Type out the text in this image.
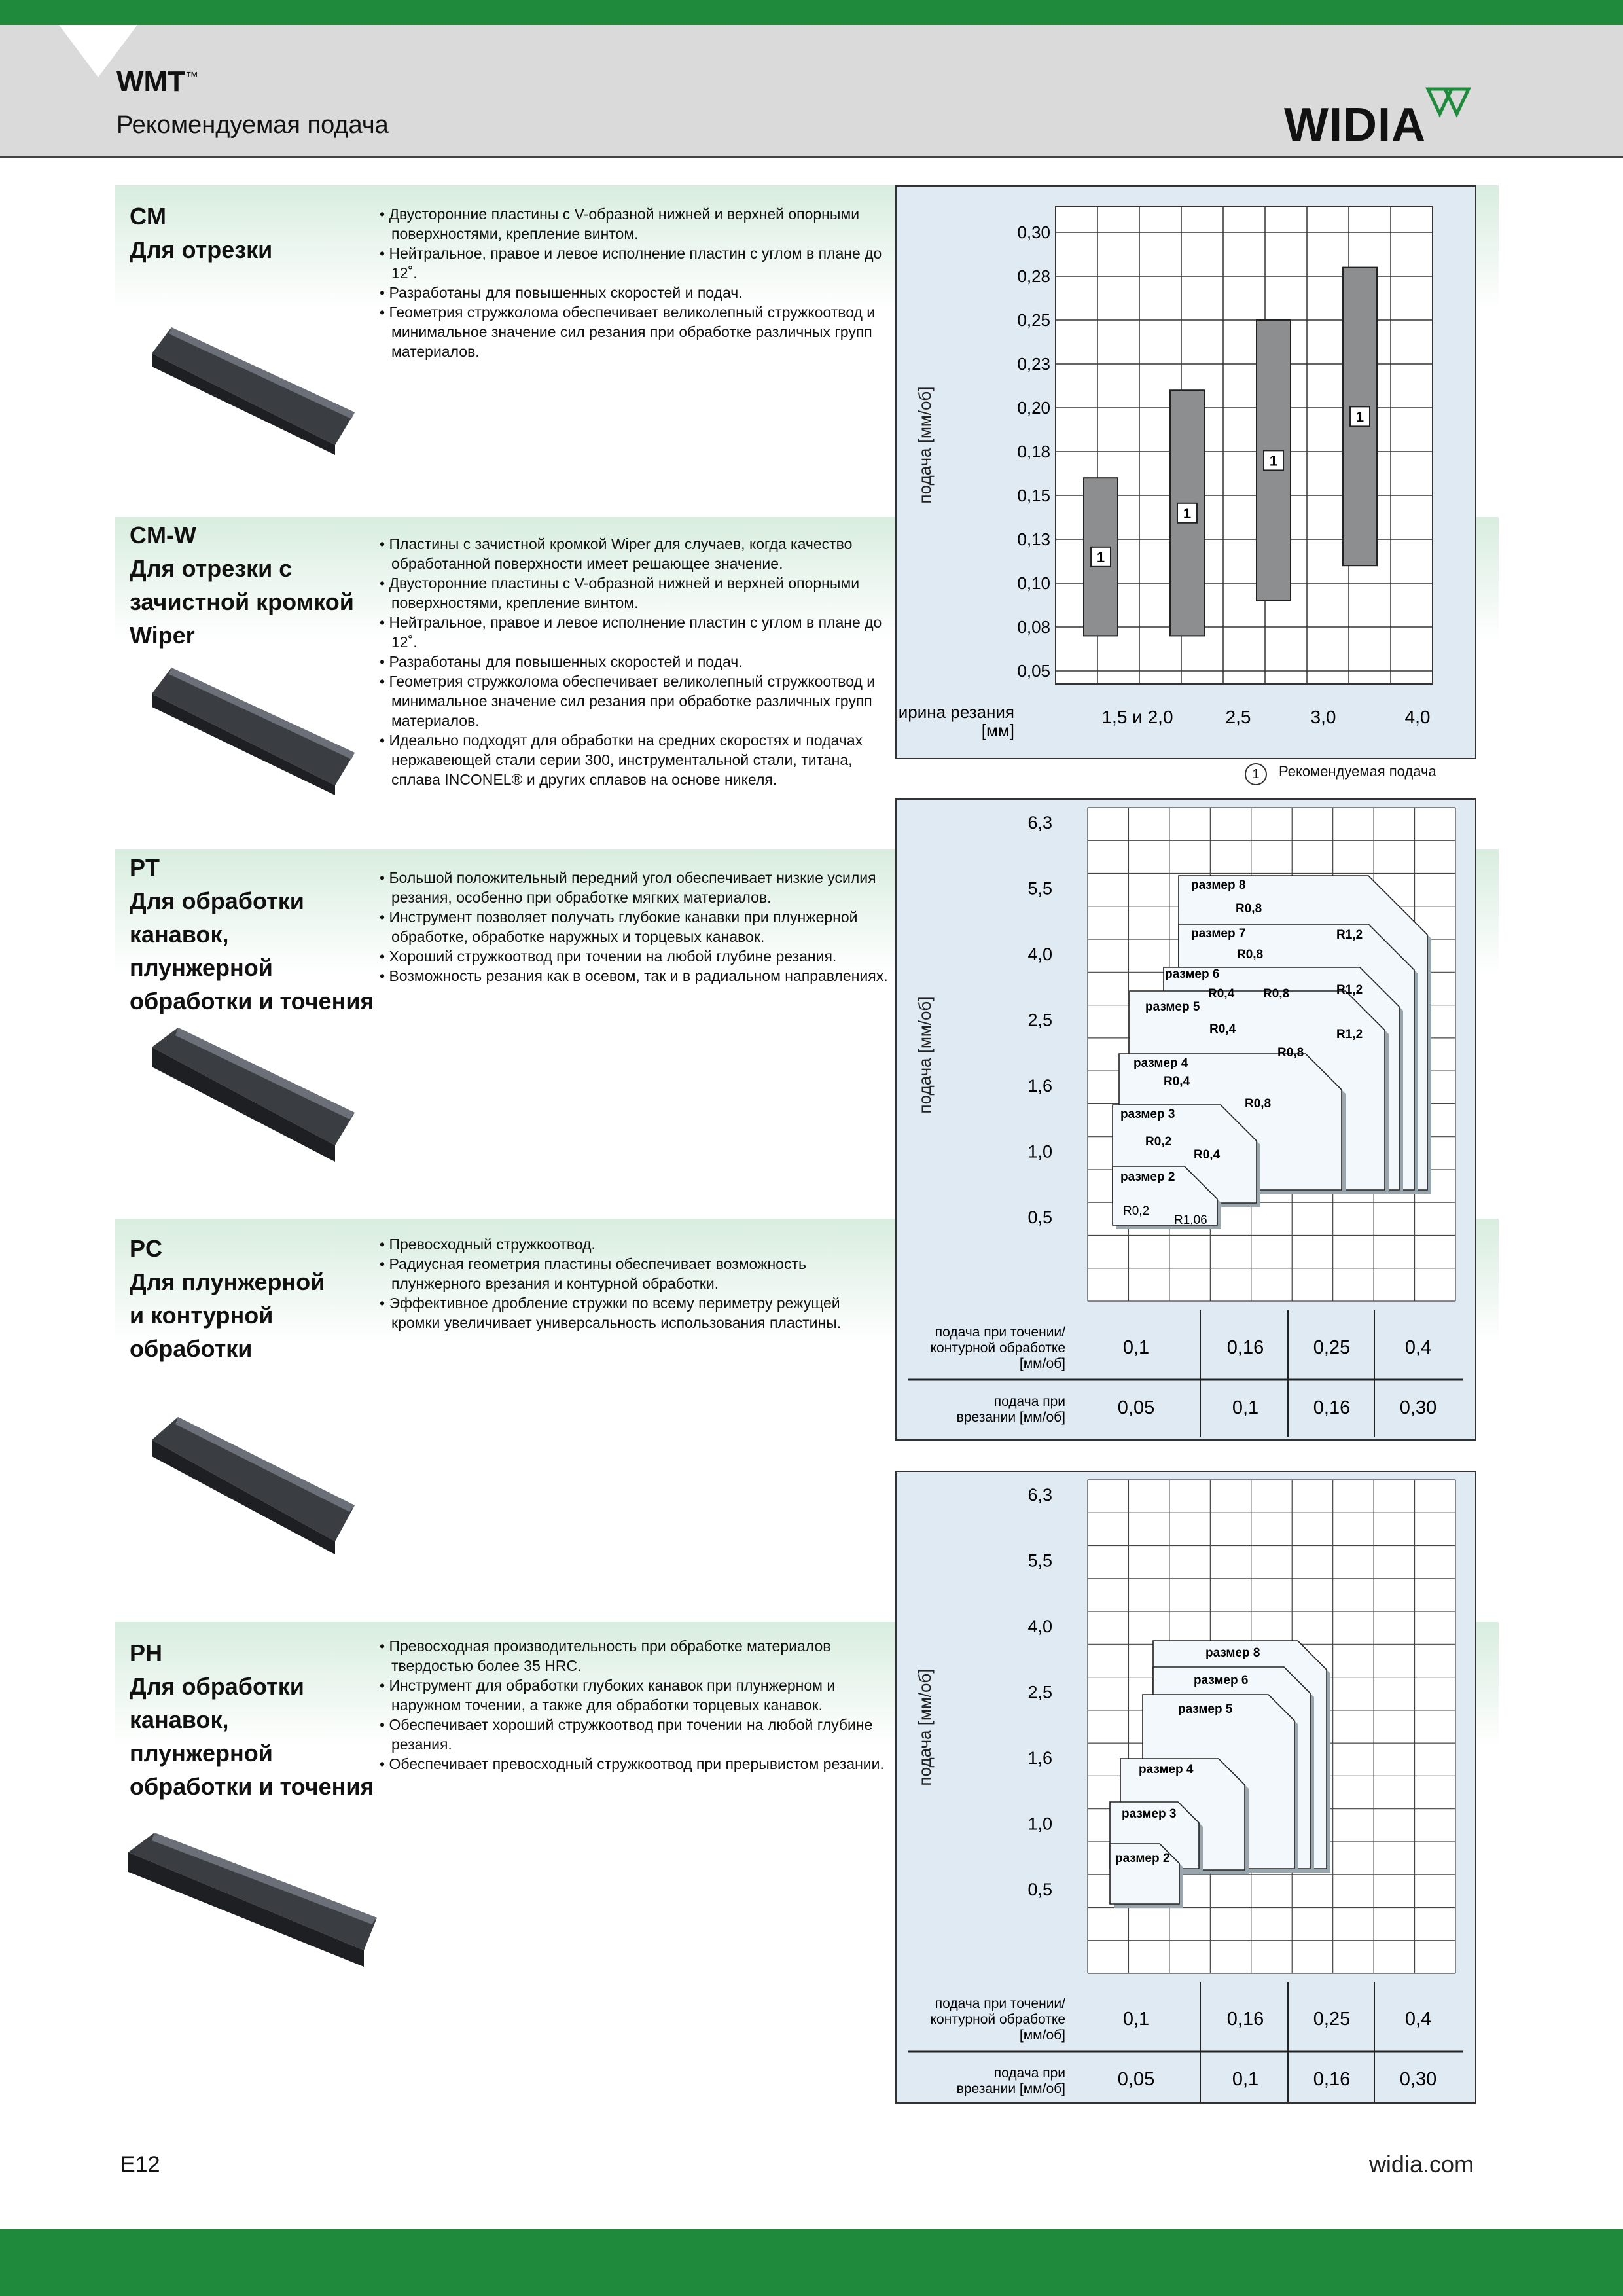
WMT™
Рекомендуемая подача	WIDIA
CM
Для отрезки
• Двусторонние пластины с V-образной нижней и верхней опорными поверхностями, крепление винтом.
• Нейтральное, правое и левое исполнение пластин с углом в плане до 12˚.
• Разработаны для повышенных скоростей и подач.
• Геометрия стружколома обеспечивает великолепный стружкоотвод и минимальное значение сил резания при обработке различных групп материалов.
CM-W
Для отрезки с
зачистной кромкой
Wiper
• Пластины с зачистной кромкой Wiper для случаев, когда качество обработанной поверхности имеет решающее значение.
• Двусторонние пластины с V-образной нижней и верхней опорными поверхностями, крепление винтом.
• Нейтральное, правое и левое исполнение пластин с углом в плане до 12˚.
• Разработаны для повышенных скоростей и подач.
• Геометрия стружколома обеспечивает великолепный стружкоотвод и минимальное значение сил резания при обработке различных групп материалов.
• Идеально подходят для обработки на средних скоростях и подачах нержавеющей стали серии 300, инструментальной стали, титана, сплава INCONEL® и других сплавов на основе никеля.
PT
Для обработки
канавок,
плунжерной
обработки и точения
• Большой положительный передний угол обеспечивает низкие усилия резания, особенно при обработке мягких материалов.
• Инструмент позволяет получать глубокие канавки при плунжерной обработке, обработке наружных и торцевых канавок.
• Хороший стружкоотвод при точении на любой глубине резания.
• Возможность резания как в осевом, так и в радиальном направлениях.
PC
Для плунжерной
и контурной
обработки
• Превосходный стружкоотвод.
• Радиусная геометрия пластины обеспечивает возможность плунжерного врезания и контурной обработки.
• Эффективное дробление стружки по всему периметру режущей кромки увеличивает универсальность использования пластины.
PH
Для обработки
канавок,
плунжерной
обработки и точения
• Превосходная производительность при обработке материалов твердостью более 35 HRC.
• Инструмент для обработки глубоких канавок при плунжерном и наружном точении, а также для обработки торцевых канавок.
• Обеспечивает хороший стружкоотвод при точении на любой глубине резания.
• Обеспечивает превосходный стружкоотвод при прерывистом резании.
0,30
0,28
0,25
0,23
0,20
0,18
0,15
0,13
0,10
0,08
0,05
1
1
1
1
1,5 и 2,0	2,5	3,0	4,0
подача [мм/об]
ширина резания
[мм]
1	Рекомендуемая подача
6,3
5,5
4,0
2,5
1,6
1,0
0,5
подача [мм/об]
размер 8
R0,8
R1,2
размер 7
R0,8
R1,2
размер 6
R0,4 R0,8
R1,2
размер 5
R0,4
R0,8
размер 4
R0,4
R0,8
размер 3
R0,2
R0,4
размер 2
R0,2
R1,06
подача при точении/
контурной обработке
[мм/об]
подача при
врезании [мм/об]
0,1	0,16	0,25	0,4
0,05	0,1	0,16	0,30
6,3
5,5
4,0
2,5
1,6
1,0
0,5
подача [мм/об]
размер 8
размер 6
размер 5
размер 4
размер 3
размер 2
подача при точении/
контурной обработке
[мм/об]
подача при
врезании [мм/об]
0,1	0,16	0,25	0,4
0,05	0,1	0,16	0,30
E12	widia.com
